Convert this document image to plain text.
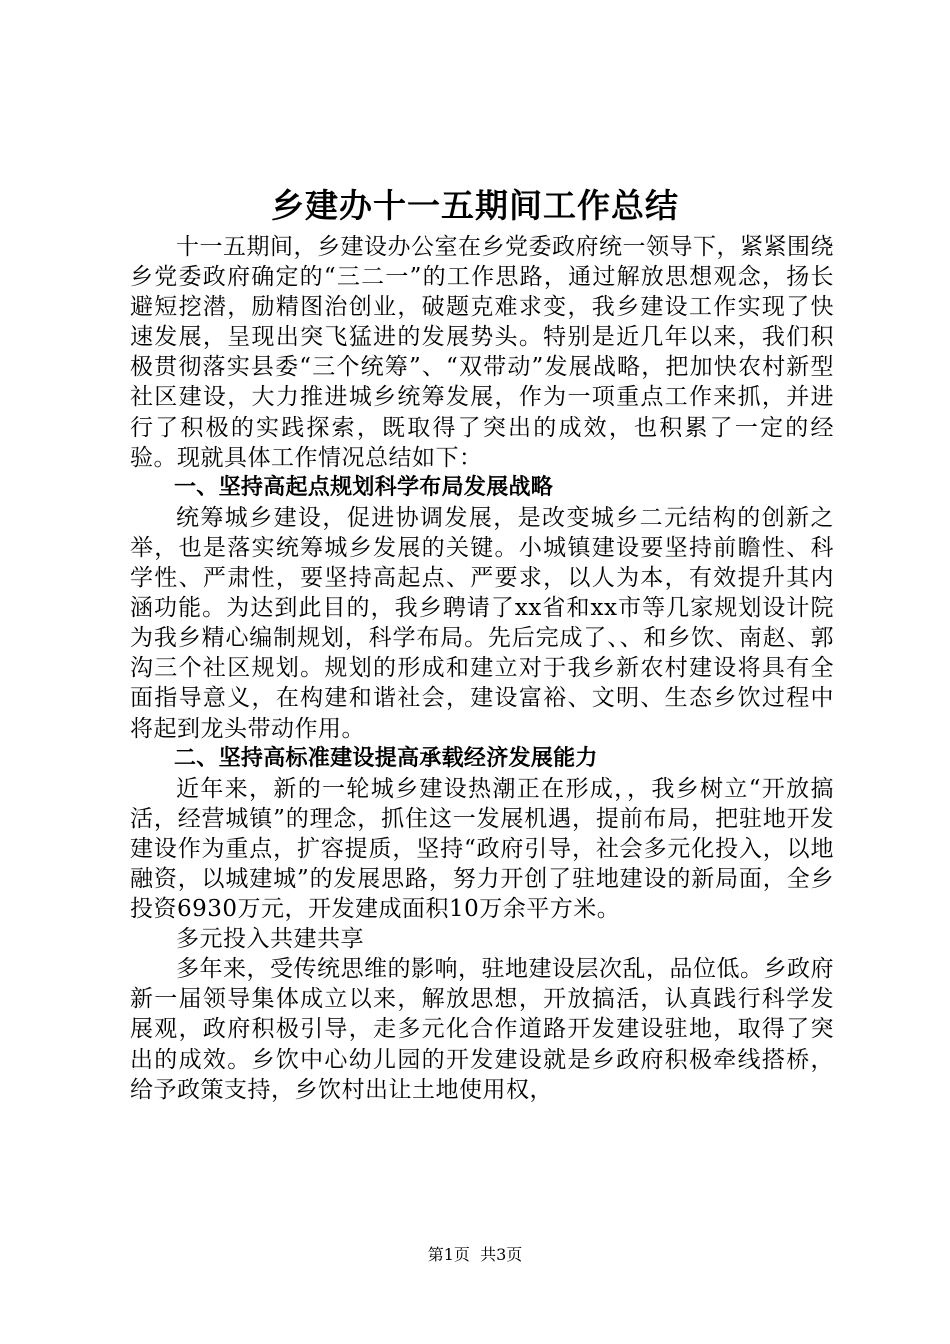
乡建办十一五期间工作总结

十一五期间，乡建设办公室在乡党委政府统一领导下，紧紧围绕乡党委政府确定的“三二一”的工作思路，通过解放思想观念，扬长避短挖潜，励精图治创业，破题克难求变，我乡建设工作实现了快速发展，呈现出突飞猛进的发展势头。特别是近几年以来，我们积极贯彻落实县委“三个统筹”、“双带动”发展战略，把加快农村新型社区建设，大力推进城乡统筹发展，作为一项重点工作来抓，并进行了积极的实践探索，既取得了突出的成效，也积累了一定的经验。现就具体工作情况总结如下：

一、坚持高起点规划科学布局发展战略

统筹城乡建设，促进协调发展，是改变城乡二元结构的创新之举，也是落实统筹城乡发展的关键。小城镇建设要坚持前瞻性、科学性、严肃性，要坚持高起点、严要求，以人为本，有效提升其内涵功能。为达到此目的，我乡聘请了xx省和xx市等几家规划设计院为我乡精心编制规划，科学布局。先后完成了、、和乡饮、南赵、郭沟三个社区规划。规划的形成和建立对于我乡新农村建设将具有全面指导意义，在构建和谐社会，建设富裕、文明、生态乡饮过程中将起到龙头带动作用。

二、坚持高标准建设提高承载经济发展能力

近年来，新的一轮城乡建设热潮正在形成，，我乡树立“开放搞活，经营城镇”的理念，抓住这一发展机遇，提前布局，把驻地开发建设作为重点，扩容提质，坚持“政府引导，社会多元化投入，以地融资，以城建城”的发展思路，努力开创了驻地建设的新局面，全乡投资6930万元，开发建成面积10万余平方米。

多元投入共建共享

多年来，受传统思维的影响，驻地建设层次乱，品位低。乡政府新一届领导集体成立以来，解放思想，开放搞活，认真践行科学发展观，政府积极引导，走多元化合作道路开发建设驻地，取得了突出的成效。乡饮中心幼儿园的开发建设就是乡政府积极牵线搭桥，给予政策支持，乡饮村出让土地使用权，

第1页  共3页
